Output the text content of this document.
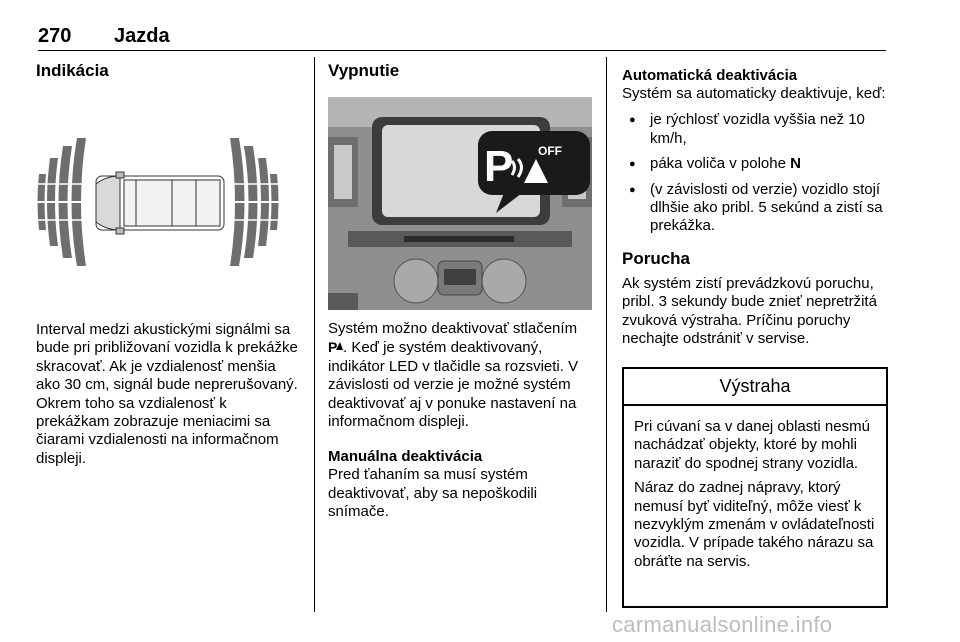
270 Jazda
Indikácia

Interval medzi akustickými signálmi sa bude pri približovaní vozidla k prekážke skracovať. Ak je vzdialenosť menšia ako 30 cm, signál bude neprerušovaný. Okrem toho sa vzdialenosť k prekážkam zobrazuje meniacimi sa čiarami vzdialenosti na informačnom displeji.

Vypnutie
P OFF

Systém možno deaktivovať stlačením

P . Keď je systém deaktivovaný, indikátor LED v tlačidle sa rozsvieti. V závislosti od verzie je možné systém deaktivovať aj v ponuke nastavení na informačnom displeji.

Manuálna deaktivácia

Pred ťahaním sa musí systém deaktivovať, aby sa nepoškodili snímače.

Automatická deaktivácia

Systém sa automaticky deaktivuje, keď:

● je rýchlosť vozidla vyššia než 10 km/h,
● páka voliča v polohe N
● (v závislosti od verzie) vozidlo stojí dlhšie ako pribl. 5 sekúnd a zistí sa prekážka.
Porucha

Ak systém zistí prevádzkovú poruchu, pribl. 3 sekundy bude znieť nepretržitá zvuková výstraha. Príčinu poruchy nechajte odstrániť v servise.

Výstraha

Pri cúvaní sa v danej oblasti nesmú nachádzať objekty, ktoré by mohli naraziť do spodnej strany vozidla.

Náraz do zadnej nápravy, ktorý nemusí byť viditeľný, môže viesť k nezvyklým zmenám v ovládateľnosti vozidla. V prípade takého nárazu sa obráťte na servis.

carmanualsonline.info
